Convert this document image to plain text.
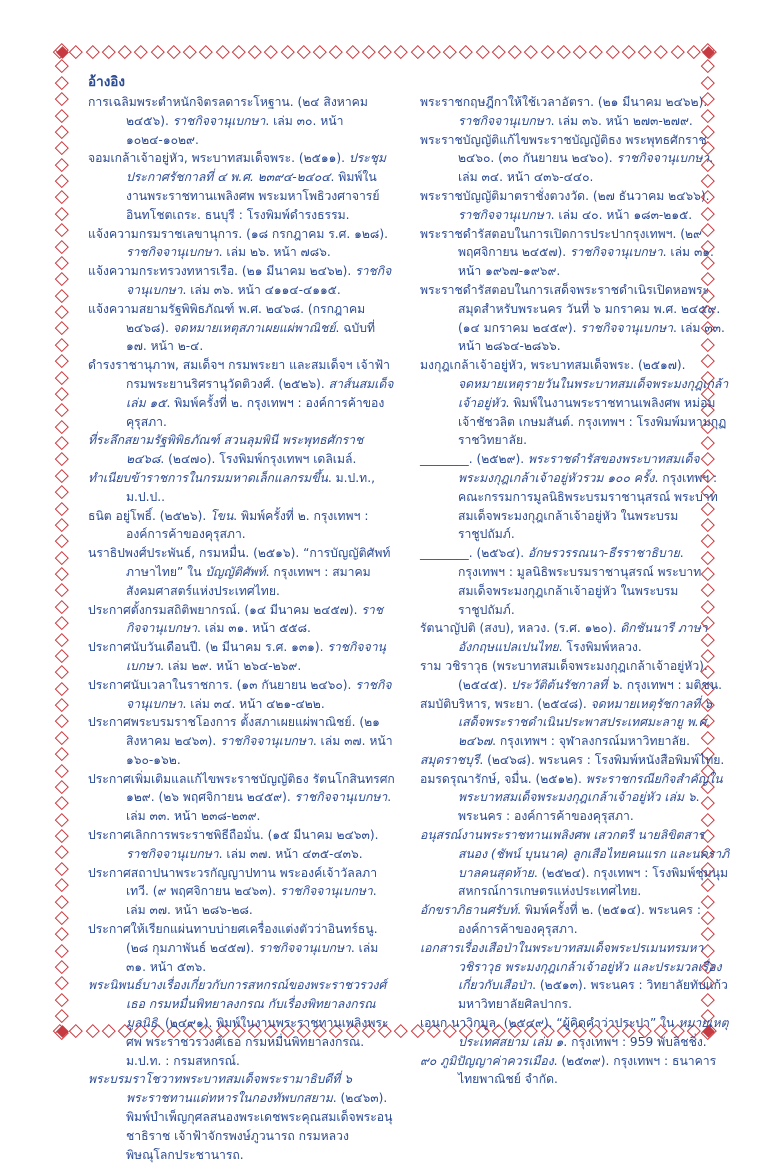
อ้างอิง

การเฉลิมพระตำหนักจิตรลดาระโหฐาน. (๒๔ สิงหาคม ๒๔๕๖). ราชกิจจานุเบกษา. เล่ม ๓๐. หน้า ๑๐๒๔-๑๐๒๙.

จอมเกล้าเจ้าอยู่หัว, พระบาทสมเด็จพระ. (๒๕๑๑). ประชุมประกาศรัชกาลที่ ๔ พ.ศ. ๒๓๙๔-๒๔๐๔. พิมพ์ในงานพระราชทานเพลิงศพ พระมหาโพธิวงศาจารย์ อินทโชตเถระ. ธนบุรี : โรงพิมพ์ดำรงธรรม.

แจ้งความกรมราชเลขานุการ. (๑๘ กรกฎาคม ร.ศ. ๑๒๘). ราชกิจจานุเบกษา. เล่ม ๒๖. หน้า ๗๘๖.

แจ้งความกระทรวงทหารเรือ. (๒๑ มีนาคม ๒๔๖๒). ราชกิจจานุเบกษา. เล่ม ๓๖. หน้า ๔๑๑๔-๔๑๑๕.

แจ้งความสยามรัฐพิพิธภัณฑ์ พ.ศ. ๒๔๖๘. (กรกฎาคม ๒๔๖๘). จดหมายเหตุสภาเผยแผ่พาณิชย์. ฉบับที่ ๑๗. หน้า ๒-๔.

ดำรงราชานุภาพ, สมเด็จฯ กรมพระยา และสมเด็จฯ เจ้าฟ้า กรมพระยานริศรานุวัดติวงศ์. (๒๕๒๖). สาส์นสมเด็จ เล่ม ๑๕. พิมพ์ครั้งที่ ๒. กรุงเทพฯ : องค์การค้าของคุรุสภา.

ที่ระลึกสยามรัฐพิพิธภัณฑ์ สวนลุมพินี พระพุทธศักราช ๒๔๖๘. (๒๔๗๐). โรงพิมพ์กรุงเทพฯ เดลิเมล์.

ทำเนียบข้าราชการในกรมมหาดเล็กแลกรมขึ้น. ม.ป.ท., ม.ป.ป..

ธนิต อยู่โพธิ์. (๒๕๒๖). โขน. พิมพ์ครั้งที่ ๒. กรุงเทพฯ : องค์การค้าของคุรุสภา.

นราธิปพงศ์ประพันธ์, กรมหมื่น. (๒๕๑๖). “การบัญญัติศัพท์ภาษาไทย” ใน บัญญัติศัพท์. กรุงเทพฯ : สมาคมสังคมศาสตร์แห่งประเทศไทย.

ประกาศตั้งกรมสถิติพยากรณ์. (๑๔ มีนาคม ๒๔๕๗). ราชกิจจานุเบกษา. เล่ม ๓๑. หน้า ๕๕๘.

ประกาศนับวันเดือนปี. (๒ มีนาคม ร.ศ. ๑๓๑). ราชกิจจานุเบกษา. เล่ม ๒๙. หน้า ๒๖๔-๒๖๙.

ประกาศนับเวลาในราชการ. (๑๓ กันยายน ๒๔๖๐). ราชกิจจานุเบกษา. เล่ม ๓๔. หน้า ๔๒๑-๔๒๒.

ประกาศพระบรมราชโองการ ตั้งสภาเผยแผ่พาณิชย์. (๒๑ สิงหาคม ๒๔๖๓). ราชกิจจานุเบกษา. เล่ม ๓๗. หน้า ๑๖๐-๑๖๒.

ประกาศเพิ่มเติมแลแก้ไขพระราชบัญญัติธง รัตนโกสินทรศก ๑๒๙. (๒๖ พฤศจิกายน ๒๔๕๙). ราชกิจจานุเบกษา. เล่ม ๓๓. หน้า ๒๓๘-๒๓๙.

ประกาศเลิกการพระราชพิธีถือมั่น. (๑๕ มีนาคม ๒๔๖๓). ราชกิจจานุเบกษา. เล่ม ๓๗. หน้า ๔๓๕-๔๓๖.

ประกาศสถาปนาพระวรกัญญาปทาน พระองค์เจ้าวัลลภาเทวี. (๙ พฤศจิกายน ๒๔๖๓). ราชกิจจานุเบกษา. เล่ม ๓๗. หน้า ๒๘๖-๒๘.

ประกาศให้เรียกแผ่นทาบบ่ายศเครื่องแต่งตัวว่าอินทร์ธนู. (๒๘ กุมภาพันธ์ ๒๔๕๗). ราชกิจจานุเบกษา. เล่ม ๓๑. หน้า ๕๓๖.

พระนิพนธ์บางเรื่องเกี่ยวกับการสหกรณ์ของพระราชวรวงศ์เธอ กรมหมื่นพิทยาลงกรณ กับเรื่องพิทยาลงกรณมูลนิธิ. (๒๔๙๑). พิมพ์ในงานพระราชทานเพลิงพระศพ พระราชวรวงศ์เธอ กรมหมื่นพิทยาลงกรณ. ม.ป.ท. : กรมสหกรณ์.

พระบรมราโชวาทพระบาทสมเด็จพระรามาธิบดีที่ ๖ พระราชทานแด่ทหารในกองทัพบกสยาม. (๒๔๖๓). พิมพ์บำเพ็ญกุศลสนองพระเดชพระคุณสมเด็จพระอนุชาธิราช เจ้าฟ้าจักรพงษ์ภูวนารถ กรมหลวงพิษณุโลกประชานารถ.

พระราชกฤษฎีกาให้ใช้เวลาอัตรา. (๒๑ มีนาคม ๒๔๖๒). ราชกิจจานุเบกษา. เล่ม ๓๖. หน้า ๒๗๓-๒๗๙.

พระราชบัญญัติแก้ไขพระราชบัญญัติธง พระพุทธศักราช ๒๔๖๐. (๓๐ กันยายน ๒๔๖๐). ราชกิจจานุเบกษา. เล่ม ๓๔. หน้า ๔๓๖-๔๔๐.

พระราชบัญญัติมาตราชั่งตวงวัด. (๒๗ ธันวาคม ๒๔๖๖). ราชกิจจานุเบกษา. เล่ม ๔๐. หน้า ๑๘๓-๒๑๕.

พระราชดำรัสตอบในการเปิดการประปากรุงเทพฯ. (๒๙ พฤศจิกายน ๒๔๕๗). ราชกิจจานุเบกษา. เล่ม ๓๑. หน้า ๑๙๖๗-๑๙๖๙.

พระราชดำรัสตอบในการเสด็จพระราชดำเนิรเปิดหอพระสมุดสำหรับพระนคร วันที่ ๖ มกราคม พ.ศ. ๒๔๕๙. (๑๔ มกราคม ๒๔๕๙). ราชกิจจานุเบกษา. เล่ม ๓๓. หน้า ๒๘๖๔-๒๘๖๖.

มงกุฎเกล้าเจ้าอยู่หัว, พระบาทสมเด็จพระ. (๒๕๑๗). จดหมายเหตุรายวันในพระบาทสมเด็จพระมงกุฎเกล้าเจ้าอยู่หัว. พิมพ์ในงานพระราชทานเพลิงศพ หม่อมเจ้าชัชวลิต เกษมสันต์. กรุงเทพฯ : โรงพิมพ์มหามกุฏราชวิทยาลัย.

________. (๒๕๒๙). พระราชดำรัสของพระบาทสมเด็จพระมงกุฎเกล้าเจ้าอยู่หัวรวม ๑๐๐ ครั้ง. กรุงเทพฯ : คณะกรรมการมูลนิธิพระบรมราชานุสรณ์ พระบาทสมเด็จพระมงกุฎเกล้าเจ้าอยู่หัว ในพระบรมราชูปถัมภ์.

________. (๒๕๖๔). อักษรวรรณนา-ธีรราชาธิบาย. กรุงเทพฯ : มูลนิธิพระบรมราชานุสรณ์ พระบาทสมเด็จพระมงกุฎเกล้าเจ้าอยู่หัว ในพระบรมราชูปถัมภ์.

รัตนาญัปติ (สงบ), หลวง. (ร.ศ. ๑๒๐). ดิกชันนารี ภาษาอังกฤษแปลเปนไทย. โรงพิมพ์หลวง.

ราม วชิราวุธ (พระบาทสมเด็จพระมงกุฎเกล้าเจ้าอยู่หัว). (๒๕๔๕). ประวัติต้นรัชกาลที่ ๖. กรุงเทพฯ : มติชน.

สมบัติบริหาร, พระยา. (๒๕๔๘). จดหมายเหตุรัชกาลที่ ๖ เสด็จพระราชดำเนินประพาสประเทศมะลายู พ.ศ. ๒๔๖๗. กรุงเทพฯ : จุฬาลงกรณ์มหาวิทยาลัย.

สมุดราชบุรี. (๒๔๖๘). พระนคร : โรงพิมพ์หนังสือพิมพ์ไทย.

อมรดรุณารักษ์, จมื่น. (๒๕๑๒). พระราชกรณียกิจสำคัญในพระบาทสมเด็จพระมงกุฎเกล้าเจ้าอยู่หัว เล่ม ๖. พระนคร : องค์การค้าของคุรุสภา.

อนุสรณ์งานพระราชทานเพลิงศพ เสวกตรี นายลิขิตสารสนอง (ชัพน์ บุนนาค) ลูกเสือไทยคนแรก และนคราภิบาลคนสุดท้าย. (๒๕๒๔). กรุงเทพฯ : โรงพิมพ์ชุมนุมสหกรณ์การเกษตรแห่งประเทศไทย.

อักขราภิธานศรับท์. พิมพ์ครั้งที่ ๒. (๒๕๑๔). พระนคร : องค์การค้าของคุรุสภา.

เอกสารเรื่องเสือป่าในพระบาทสมเด็จพระปรเมนทรมหาวชิราวุธ พระมงกุฎเกล้าเจ้าอยู่หัว และประมวลเรื่องเกี่ยวกับเสือป่า. (๒๕๑๓). พระนคร : วิทยาลัยทับแก้ว มหาวิทยาลัยศิลปากร.

เอนก นาวิกมูล. (๒๕๔๙). “ผู้คิดคำว่าประปา” ใน หมายเหตุประเทศสยาม เล่ม ๑. กรุงเทพฯ : 959 พับลิชชิ่ง.

๙๐ ภูมิปัญญาค่าควรเมือง. (๒๕๓๙). กรุงเทพฯ : ธนาคารไทยพาณิชย์ จำกัด.
